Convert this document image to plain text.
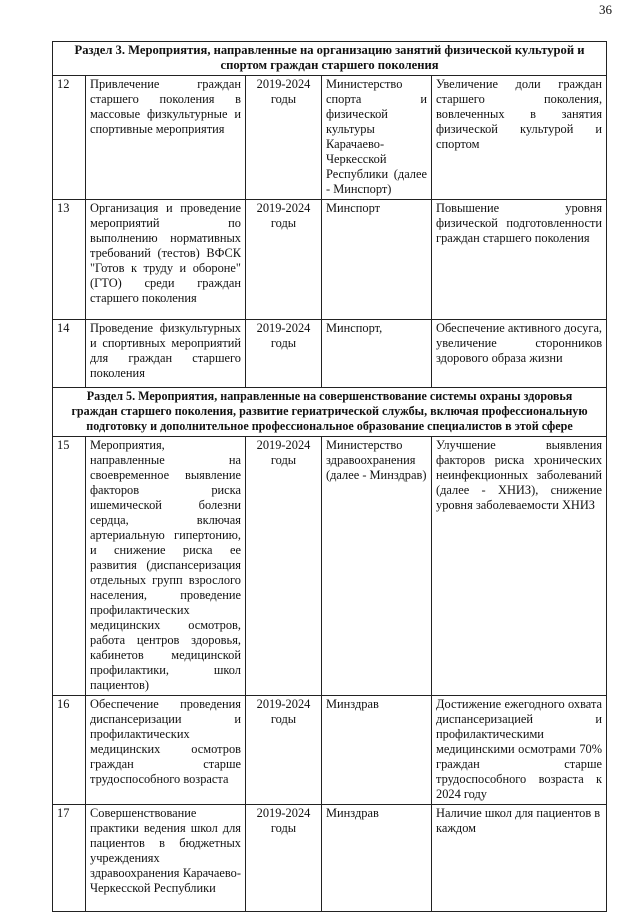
36
Раздел 3. Мероприятия, направленные на организацию занятий физической культурой и
спортом граждан старшего поколения				

12	Привлечение граждан старшего поколения в массовые физкультурные и спортивные мероприятия	2019-2024 годы	Министерство спорта и физической культуры Карачаево-Черкесской Республики (далее - Минспорт)	Увеличение доли граждан старшего поколения, вовлеченных в занятия физической культурой и спортом
13	Организация и проведение мероприятий по выполнению нормативных требований (тестов) ВФСК "Готов к труду и обороне" (ГТО) среди граждан старшего поколения	2019-2024 годы	Минспорт	Повышение уровня физической подготовленности граждан старшего поколения
14	Проведение физкультурных и спортивных мероприятий для граждан старшего поколения	2019-2024 годы	Минспорт,	Обеспечение активного досуга, увеличение сторонников здорового образа жизни

Раздел 5. Мероприятия, направленные на совершенствование системы охраны здоровья
граждан старшего поколения, развитие гериатрической службы, включая профессиональную
подготовку и дополнительное профессиональное образование специалистов в этой сфере				

15	Мероприятия, направленные на своевременное выявление факторов риска ишемической болезни сердца, включая артериальную гипертонию, и снижение риска ее развития (диспансеризация отдельных групп взрослого населения, проведение профилактических медицинских осмотров, работа центров здоровья, кабинетов медицинской профилактики, школ пациентов)	2019-2024 годы	Министерство здравоохранения (далее - Минздрав)	Улучшение выявления факторов риска хронических неинфекционных заболеваний (далее - ХНИЗ), снижение уровня заболеваемости ХНИЗ
16	Обеспечение проведения диспансеризации и профилактических медицинских осмотров граждан старше трудоспособного возраста	2019-2024 годы	Минздрав	Достижение ежегодного охвата диспансеризацией и профилактическими медицинскими осмотрами 70% граждан старше трудоспособного возраста к 2024 году
17	Совершенствование практики ведения школ для пациентов в бюджетных учреждениях здравоохранения Карачаево-Черкесской Республики	2019-2024 годы	Минздрав	Наличие школ для пациентов в каждом
